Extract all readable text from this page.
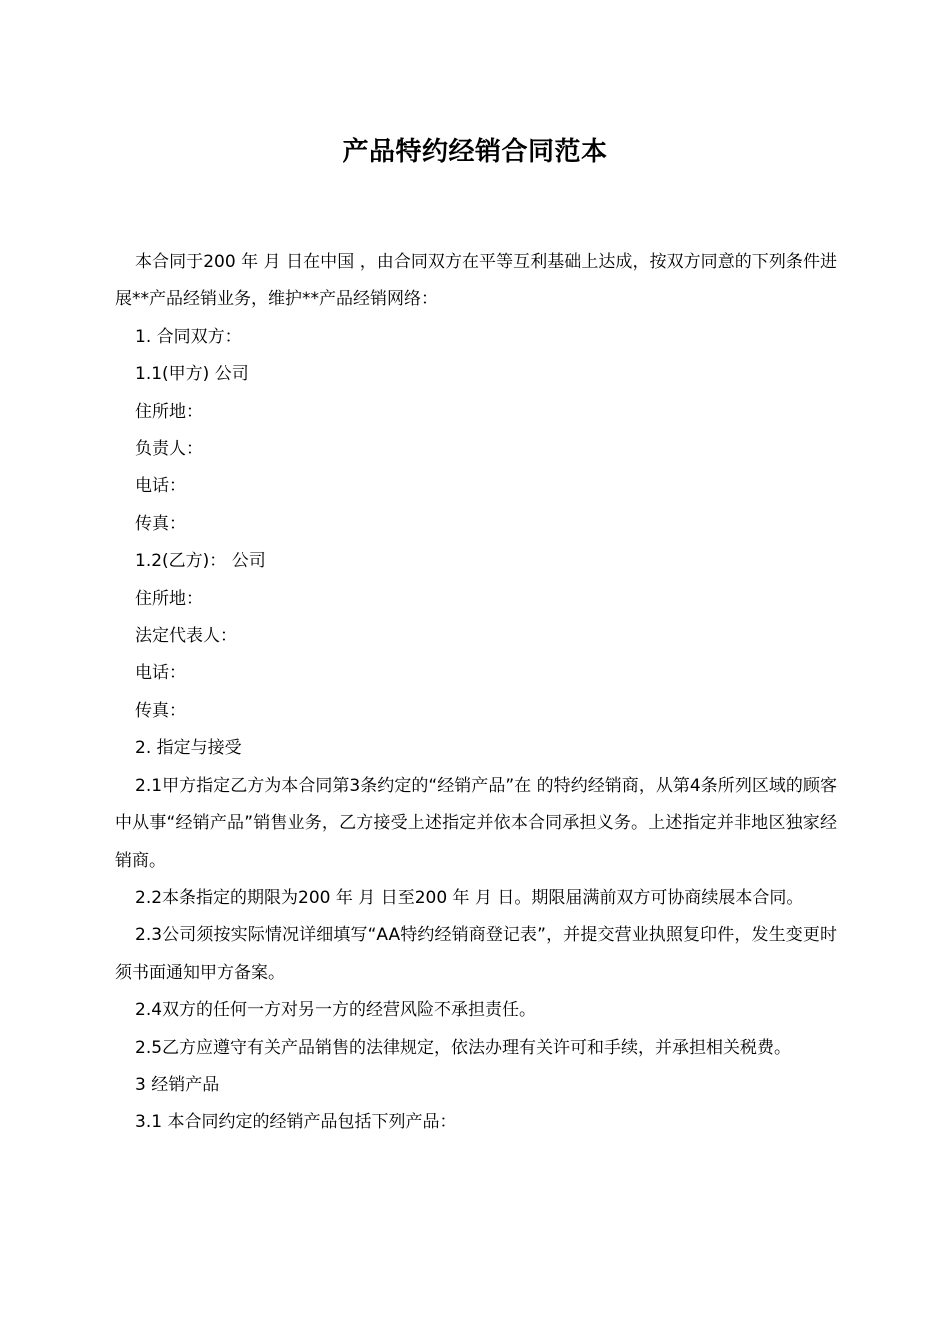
产品特约经销合同范本

本合同于200 年 月 日在中国 ，由合同双方在平等互利基础上达成，按双方同意的下列条件进展**产品经销业务，维护**产品经销网络：

1. 合同双方：

1.1(甲方) 公司

住所地：

负责人：

电话：

传真：

1.2(乙方)： 公司

住所地：

法定代表人：

电话：

传真：

2. 指定与接受

2.1甲方指定乙方为本合同第3条约定的“经销产品”在 的特约经销商，从第4条所列区域的顾客中从事“经销产品”销售业务，乙方接受上述指定并依本合同承担义务。上述指定并非地区独家经销商。

2.2本条指定的期限为200 年 月 日至200 年 月 日。期限届满前双方可协商续展本合同。

2.3公司须按实际情况详细填写“AA特约经销商登记表”，并提交营业执照复印件，发生变更时须书面通知甲方备案。

2.4双方的任何一方对另一方的经营风险不承担责任。

2.5乙方应遵守有关产品销售的法律规定，依法办理有关许可和手续，并承担相关税费。

3 经销产品

3.1 本合同约定的经销产品包括下列产品：
